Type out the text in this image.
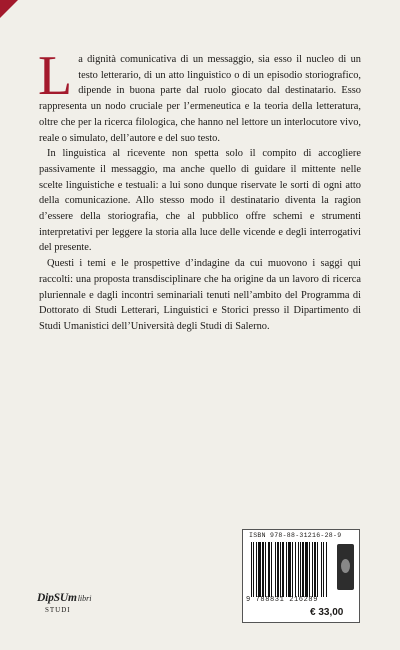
La dignità comunicativa di un messaggio, sia esso il nucleo di un testo letterario, di un atto linguistico o di un episodio storiografico, dipende in buona parte dal ruolo giocato dal destinatario. Esso rappresenta un nodo cruciale per l’ermeneutica e la teoria della letteratura, oltre che per la ricerca filologica, che hanno nel lettore un interlocutore vivo, reale o simulato, dell’autore e del suo testo.

In linguistica al ricevente non spetta solo il compito di accogliere passivamente il messaggio, ma anche quello di guidare il mittente nelle scelte linguistiche e testuali: a lui sono dunque riservate le sorti di ogni atto della comunicazione. Allo stesso modo il destinatario diventa la ragion d’essere della storiografia, che al pubblico offre schemi e strumenti interpretativi per leggere la storia alla luce delle vicende e degli interrogativi del presente.

Questi i temi e le prospettive d’indagine da cui muovono i saggi qui raccolti: una proposta transdisciplinare che ha origine da un lavoro di ricerca pluriennale e dagli incontri seminariali tenuti nell’ambito del Programma di Dottorato di Studi Letterari, Linguistici e Storici presso il Dipartimento di Studi Umanistici dell’Università degli Studi di Salerno.

DipSUmlibri
STUDI
ISBN 978-88-31216-28-9
9 788831 216289
€ 33,00
